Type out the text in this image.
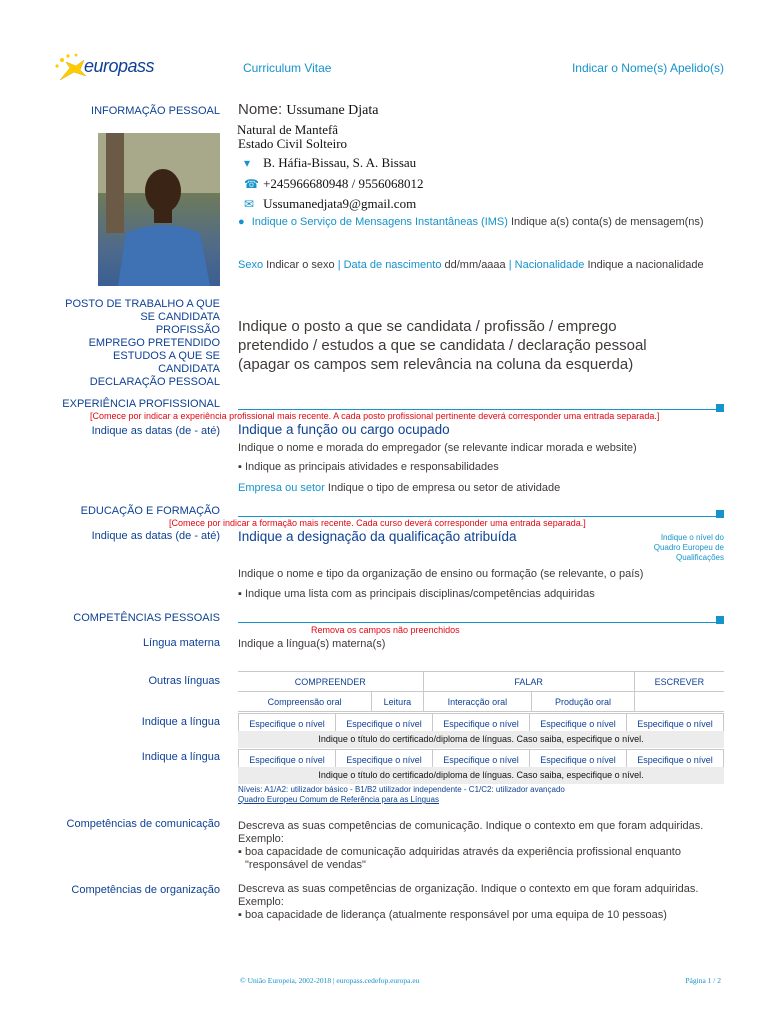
europass	Curriculum Vitae	Indicar o Nome(s) Apelido(s)
INFORMAÇÃO PESSOAL Nome: Ussumane Djata
Natural de Mantefâ
Estado Civil Solteiro
▾ B. Háfia-Bissau, S. A. Bissau
☎ +245966680948 / 9556068012
✉ Ussumanedjata9@gmail.com
● Indique o Serviço de Mensagens Instantâneas (IMS) Indique a(s) conta(s) de mensagem(ns)
Sexo Indicar o sexo | Data de nascimento dd/mm/aaaa | Nacionalidade Indique a nacionalidade
POSTO DE TRABALHO A QUE
SE CANDIDATA
PROFISSÃO
EMPREGO PRETENDIDO
ESTUDOS A QUE SE
CANDIDATA
DECLARAÇÃO PESSOAL
Indique o posto a que se candidata / profissão / emprego pretendido / estudos a que se candidata / declaração pessoal (apagar os campos sem relevância na coluna da esquerda)
EXPERIÊNCIA PROFISSIONAL
[Comece por indicar a experiência profissional mais recente. A cada posto profissional pertinente deverá corresponder uma entrada separada.]
Indique as datas (de - até) Indique a função ou cargo ocupado
Indique o nome e morada do empregador (se relevante indicar morada e website)
▪ Indique as principais atividades e responsabilidades
Empresa ou setor Indique o tipo de empresa ou setor de atividade
EDUCAÇÃO E FORMAÇÃO
[Comece por indicar a formação mais recente. Cada curso deverá corresponder uma entrada separada.]
Indique as datas (de - até) Indique a designação da qualificação atribuída	Indique o nível do
Quadro Europeu de
Qualificações
Indique o nome e tipo da organização de ensino ou formação (se relevante, o país)
▪ Indique uma lista com as principais disciplinas/competências adquiridas
COMPETÊNCIAS PESSOAIS
Remova os campos não preenchidos
Língua materna Indique a língua(s) materna(s)
Outras línguas	COMPREENDER		FALAR		ESCREVER
Compreensão oral	Leitura	Interacção oral	Produção oral	
Indique a língua	Especifique o nível	Especifique o nível	Especifique o nível	Especifique o nível	Especifique o nível
Indique o título do certificado/diploma de línguas. Caso saiba, especifique o nível.
Indique a língua	Especifique o nível	Especifique o nível	Especifique o nível	Especifique o nível	Especifique o nível
Indique o título do certificado/diploma de línguas. Caso saiba, especifique o nível.
Níveis: A1/A2: utilizador básico - B1/B2 utilizador independente - C1/C2: utilizador avançado
Quadro Europeu Comum de Referência para as Línguas
Competências de comunicação Descreva as suas competências de comunicação. Indique o contexto em que foram adquiridas.
Exemplo:
▪ boa capacidade de comunicação adquiridas através da experiência profissional enquanto
"responsável de vendas"
Competências de organização Descreva as suas competências de organização. Indique o contexto em que foram adquiridas.
Exemplo:
▪ boa capacidade de liderança (atualmente responsável por uma equipa de 10 pessoas)
© União Europeia, 2002-2018 | europass.cedefop.europa.eu	Página 1 / 2
